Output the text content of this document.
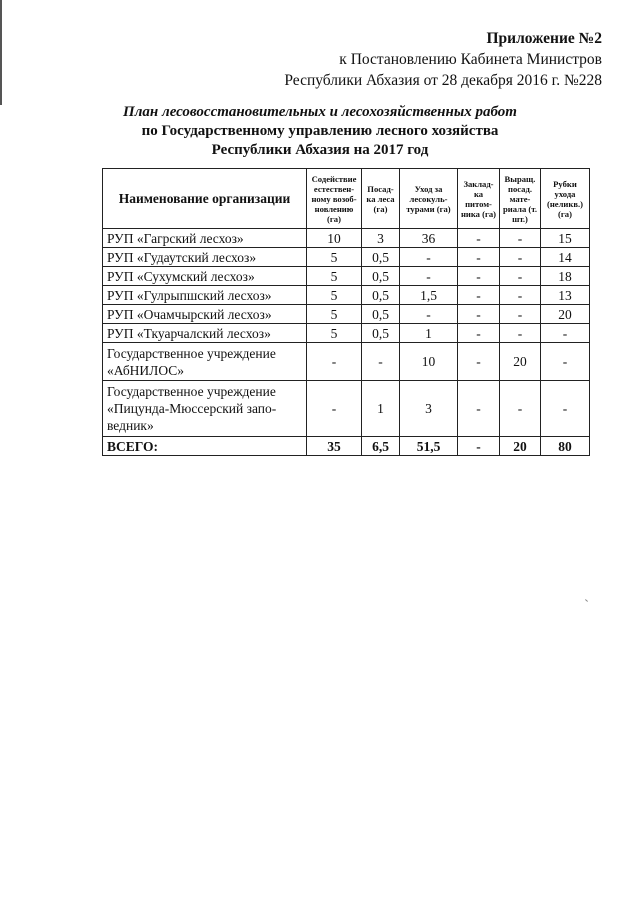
Приложение №2
к Постановлению Кабинета Министров
Республики Абхазия от 28 декабря 2016 г. №228
План лесовосстановительных и лесохозяйственных работ
по Государственному управлению лесного хозяйства
Республики Абхазия на 2017 год
Наименование организации	Содействие естествен-ному возоб-новлению (га)	Посад-ка леса (га)	Уход за лесокуль-турами (га)	Заклад-ка питом-ника (га)	Выращ. посад. мате-риала (т. шт.)	Рубки ухода (неликв.) (га)
РУП «Гагрский лесхоз»	10	3	36	-	-	15
РУП «Гудаутский лесхоз»	5	0,5	-	-	-	14
РУП «Сухумский лесхоз»	5	0,5	-	-	-	18
РУП «Гулрыпшский лесхоз»	5	0,5	1,5	-	-	13
РУП «Очамчырский лесхоз»	5	0,5	-	-	-	20
РУП «Ткуарчалский лесхоз»	5	0,5	1	-	-	-
Государственное учреждение «АбНИЛОС»	-	-	10	-	20	-
Государственное учреждение «Пицунда-Мюссерский запо-ведник»	-	1	3	-	-	-
ВСЕГО:	35	6,5	51,5	-	20	80
